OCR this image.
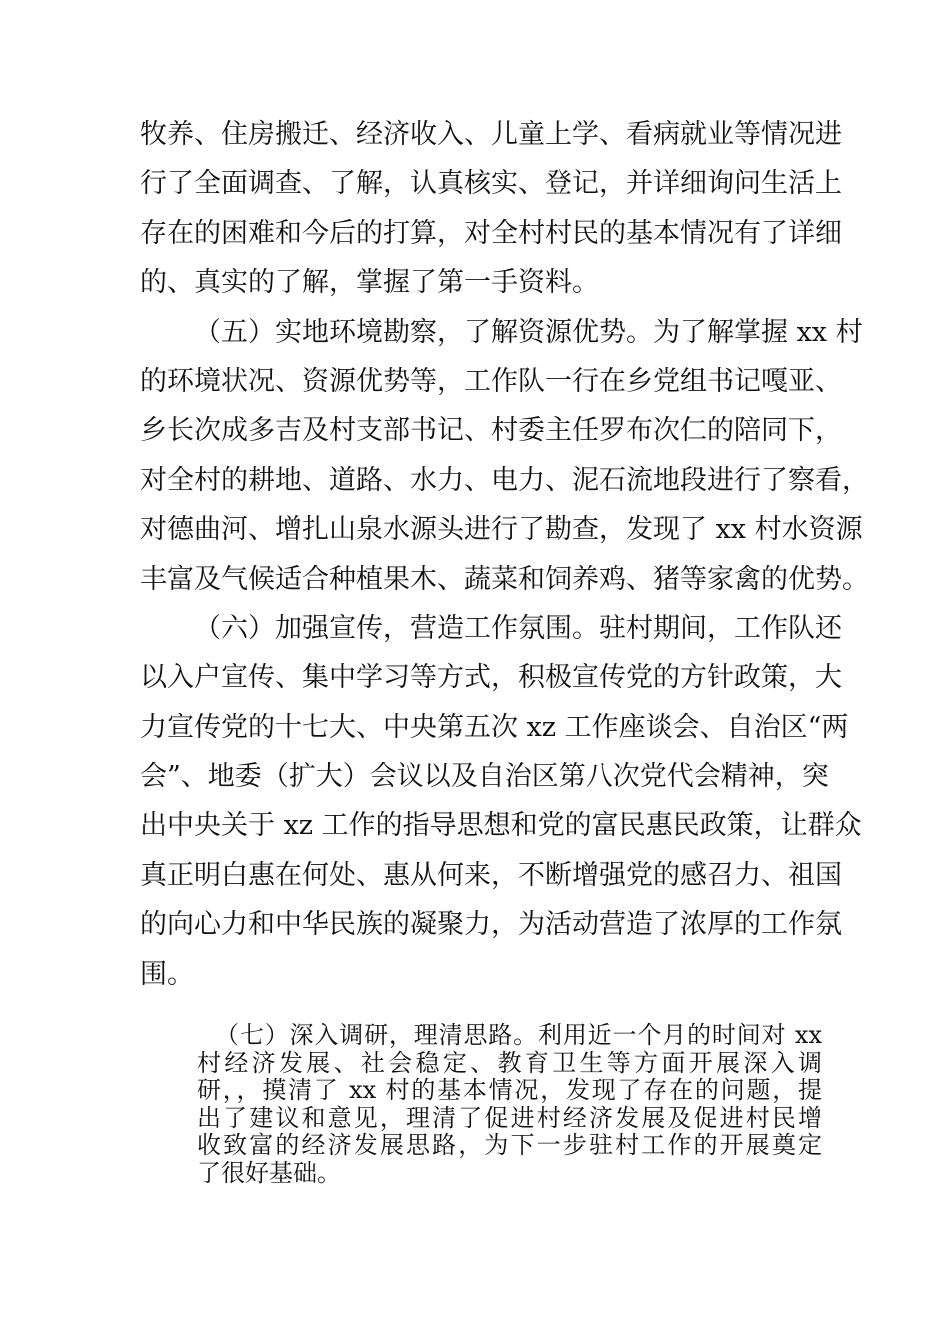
牧养、住房搬迁、经济收入、儿童上学、看病就业等情况进
行了全面调查、了解，认真核实、登记，并详细询问生活上
存在的困难和今后的打算，对全村村民的基本情况有了详细
的、真实的了解，掌握了第一手资料。
（五）实地环境勘察，了解资源优势。为了解掌握 xx 村
的环境状况、资源优势等，工作队一行在乡党组书记嘎亚、
乡长次成多吉及村支部书记、村委主任罗布次仁的陪同下，
对全村的耕地、道路、水力、电力、泥石流地段进行了察看，
对德曲河、增扎山泉水源头进行了勘查，发现了 xx 村水资源
丰富及气候适合种植果木、蔬菜和饲养鸡、猪等家禽的优势。
（六）加强宣传，营造工作氛围。驻村期间，工作队还
以入户宣传、集中学习等方式，积极宣传党的方针政策，大
力宣传党的十七大、中央第五次 xz 工作座谈会、自治区“两
会”、地委（扩大）会议以及自治区第八次党代会精神，突
出中央关于 xz 工作的指导思想和党的富民惠民政策，让群众
真正明白惠在何处、惠从何来，不断增强党的感召力、祖国
的向心力和中华民族的凝聚力，为活动营造了浓厚的工作氛
围。
（七）深入调研，理清思路。利用近一个月的时间对 xx
村经济发展、社会稳定、教育卫生等方面开展深入调
研，，摸清了 xx 村的基本情况，发现了存在的问题，提
出了建议和意见，理清了促进村经济发展及促进村民增
收致富的经济发展思路，为下一步驻村工作的开展奠定
了很好基础。
